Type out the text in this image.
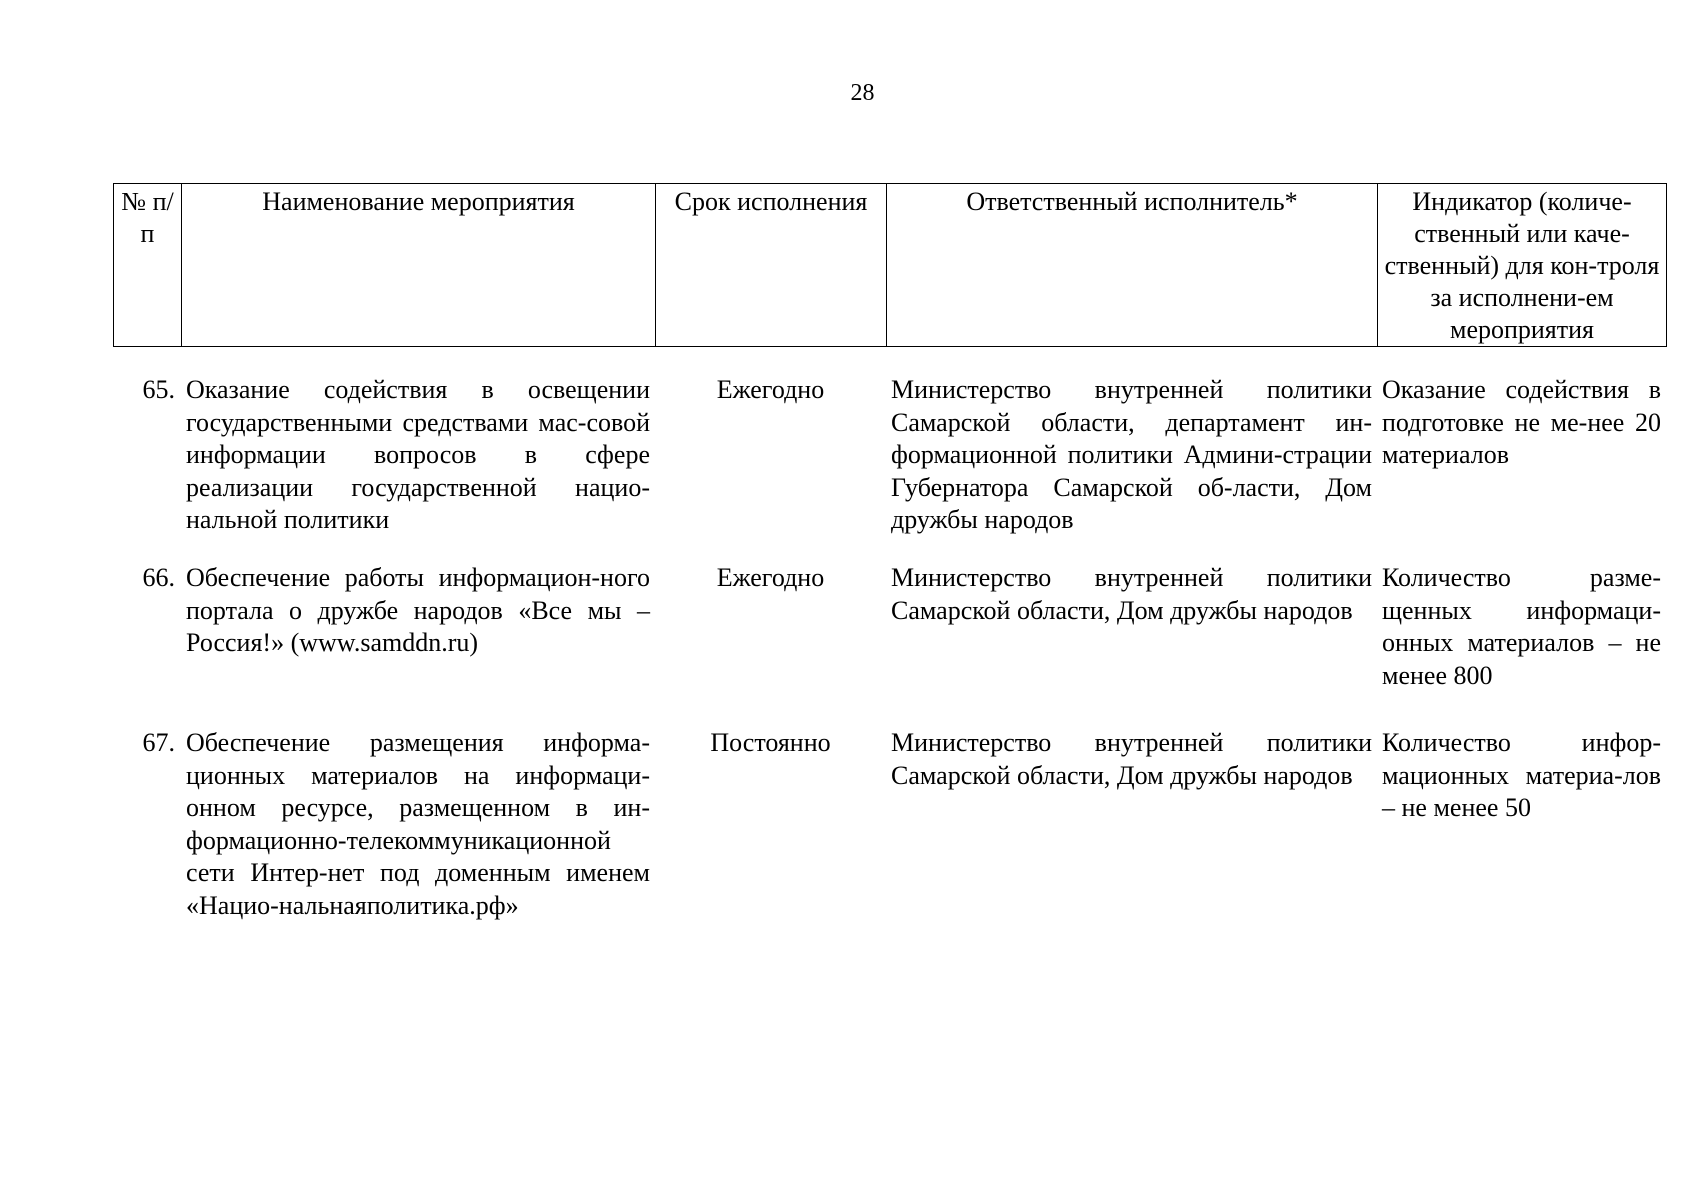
28
№ п/п	Наименование мероприятия	Срок исполнения	Ответственный исполнитель*	Индикатор (количе-ственный или каче-ственный) для кон-троля за исполнени-ем мероприятия
65.	Оказание содействия в освещении государственными средствами мас-совой информации вопросов в сфере реализации государственной нацио-нальной политики	Ежегодно	Министерство внутренней политики Самарской области, департамент ин-формационной политики Админи-страции Губернатора Самарской об-ласти, Дом дружбы народов	Оказание содействия в подготовке не ме-нее 20 материалов
66.	Обеспечение работы информацион-ного портала о дружбе народов «Все мы – Россия!» (www.samddn.ru)	Ежегодно	Министерство внутренней политики Самарской области, Дом дружбы народов	Количество разме-щенных информаци-онных материалов – не менее 800
67.	Обеспечение размещения информа-ционных материалов на информаци-онном ресурсе, размещенном в ин-формационно-телекоммуникационной сети Интер-нет под доменным именем «Нацио-нальнаяполитика.рф»	Постоянно	Министерство внутренней политики Самарской области, Дом дружбы народов	Количество инфор-мационных материа-лов – не менее 50
